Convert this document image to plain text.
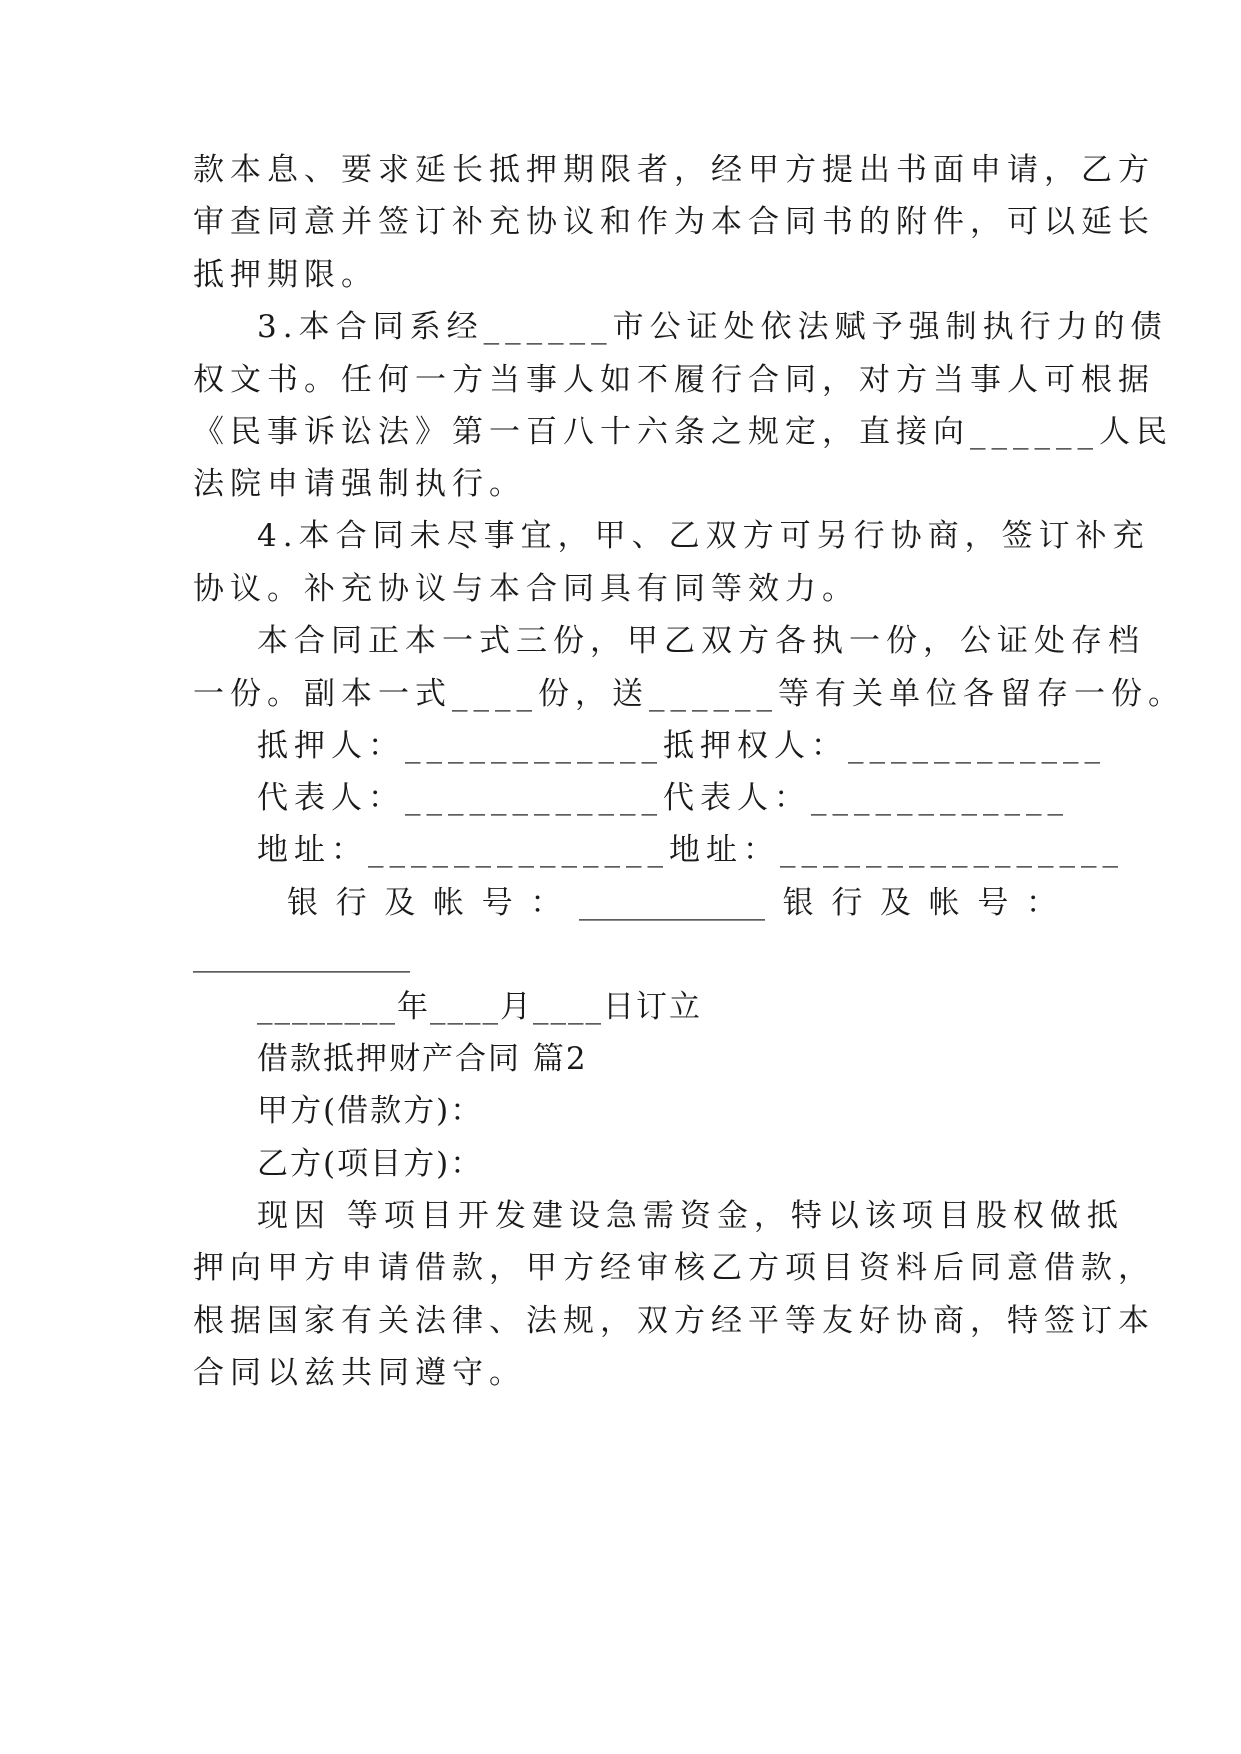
款本息、要求延长抵押期限者，经甲方提出书面申请，乙方
审查同意并签订补充协议和作为本合同书的附件，可以延长
抵押期限。
3.本合同系经______市公证处依法赋予强制执行力的债
权文书。任何一方当事人如不履行合同，对方当事人可根据
《民事诉讼法》第一百八十六条之规定，直接向______人民
法院申请强制执行。
4.本合同未尽事宜，甲、乙双方可另行协商，签订补充
协议。补充协议与本合同具有同等效力。
本合同正本一式三份，甲乙双方各执一份，公证处存档
一份。副本一式____份，送______等有关单位各留存一份。
抵押人：____________抵押权人：____________
代表人：____________代表人：____________
地址：______________地址：________________
银行及帐号：____________银行及帐号：
______________
________年____月____日订立
借款抵押财产合同 篇2
甲方(借款方)：
乙方(项目方)：
现因 等项目开发建设急需资金，特以该项目股权做抵
押向甲方申请借款，甲方经审核乙方项目资料后同意借款，
根据国家有关法律、法规，双方经平等友好协商，特签订本
合同以兹共同遵守。
